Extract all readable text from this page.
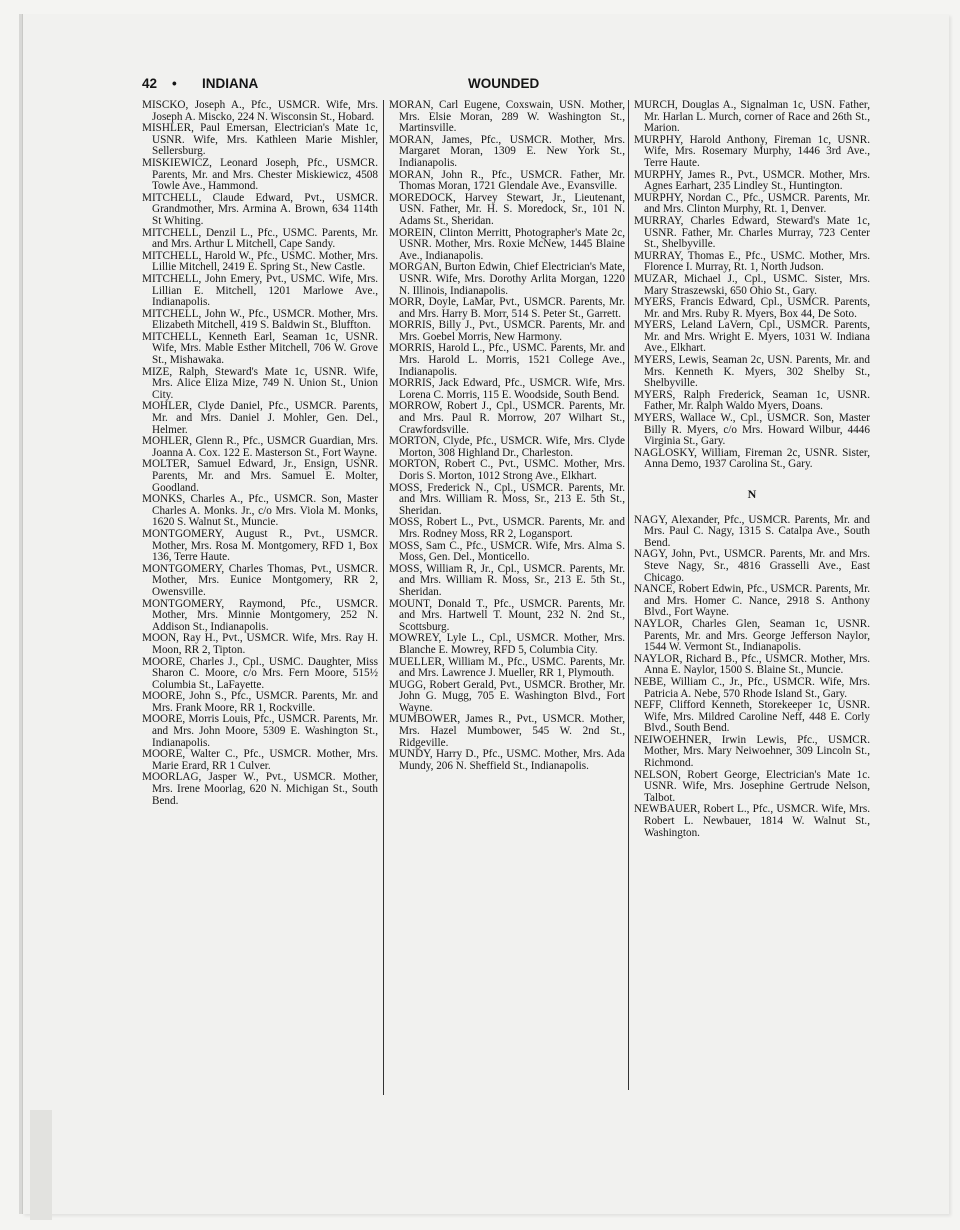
42 • INDIANA	WOUNDED

MISCKO, Joseph A., Pfc., USMCR. Wife, Mrs. Joseph A. Miscko, 224 N. Wisconsin St., Hobard.

MISHLER, Paul Emersan, Electrician's Mate 1c, USNR. Wife, Mrs. Kathleen Marie Mishler, Sellersburg.

MISKIEWICZ, Leonard Joseph, Pfc., USMCR. Parents, Mr. and Mrs. Chester Miskiewicz, 4508 Towle Ave., Hammond.

MITCHELL, Claude Edward, Pvt., USMCR. Grandmother, Mrs. Armina A. Brown, 634 114th St Whiting.

MITCHELL, Denzil L., Pfc., USMC. Parents, Mr. and Mrs. Arthur L Mitchell, Cape Sandy.

MITCHELL, Harold W., Pfc., USMC. Mother, Mrs. Lillie Mitchell, 2419 E. Spring St., New Castle.

MITCHELL, John Emery, Pvt., USMC. Wife, Mrs. Lillian E. Mitchell, 1201 Marlowe Ave., Indianapolis.

MITCHELL, John W., Pfc., USMCR. Mother, Mrs. Elizabeth Mitchell, 419 S. Baldwin St., Bluffton.

MITCHELL, Kenneth Earl, Seaman 1c, USNR. Wife, Mrs. Mable Esther Mitchell, 706 W. Grove St., Mishawaka.

MIZE, Ralph, Steward's Mate 1c, USNR. Wife, Mrs. Alice Eliza Mize, 749 N. Union St., Union City.

MOHLER, Clyde Daniel, Pfc., USMCR. Parents, Mr. and Mrs. Daniel J. Mohler, Gen. Del., Helmer.

MOHLER, Glenn R., Pfc., USMCR Guardian, Mrs. Joanna A. Cox. 122 E. Masterson St., Fort Wayne.

MOLTER, Samuel Edward, Jr., Ensign, USNR. Parents, Mr. and Mrs. Samuel E. Molter, Goodland.

MONKS, Charles A., Pfc., USMCR. Son, Master Charles A. Monks. Jr., c/o Mrs. Viola M. Monks, 1620 S. Walnut St., Muncie.

MONTGOMERY, August R., Pvt., USMCR. Mother, Mrs. Rosa M. Montgomery, RFD 1, Box 136, Terre Haute.

MONTGOMERY, Charles Thomas, Pvt., USMCR. Mother, Mrs. Eunice Montgomery, RR 2, Owensville.

MONTGOMERY, Raymond, Pfc., USMCR. Mother, Mrs. Minnie Montgomery, 252 N. Addison St., Indianapolis.

MOON, Ray H., Pvt., USMCR. Wife, Mrs. Ray H. Moon, RR 2, Tipton.

MOORE, Charles J., Cpl., USMC. Daughter, Miss Sharon C. Moore, c/o Mrs. Fern Moore, 515½ Columbia St., LaFayette.

MOORE, John S., Pfc., USMCR. Parents, Mr. and Mrs. Frank Moore, RR 1, Rockville.

MOORE, Morris Louis, Pfc., USMCR. Parents, Mr. and Mrs. John Moore, 5309 E. Washington St., Indianapolis.

MOORE, Walter C., Pfc., USMCR. Mother, Mrs. Marie Erard, RR 1 Culver.

MOORLAG, Jasper W., Pvt., USMCR. Mother, Mrs. Irene Moorlag, 620 N. Michigan St., South Bend.

MORAN, Carl Eugene, Coxswain, USN. Mother, Mrs. Elsie Moran, 289 W. Washington St., Martinsville.

MORAN, James, Pfc., USMCR. Mother, Mrs. Margaret Moran, 1309 E. New York St., Indianapolis.

MORAN, John R., Pfc., USMCR. Father, Mr. Thomas Moran, 1721 Glendale Ave., Evansville.

MOREDOCK, Harvey Stewart, Jr., Lieutenant, USN. Father, Mr. H. S. Moredock, Sr., 101 N. Adams St., Sheridan.

MOREIN, Clinton Merritt, Photographer's Mate 2c, USNR. Mother, Mrs. Roxie McNew, 1445 Blaine Ave., Indianapolis.

MORGAN, Burton Edwin, Chief Electrician's Mate, USNR. Wife, Mrs. Dorothy Arlita Morgan, 1220 N. Illinois, Indianapolis.

MORR, Doyle, LaMar, Pvt., USMCR. Parents, Mr. and Mrs. Harry B. Morr, 514 S. Peter St., Garrett.

MORRIS, Billy J., Pvt., USMCR. Parents, Mr. and Mrs. Goebel Morris, New Harmony.

MORRIS, Harold L., Pfc., USMC. Parents, Mr. and Mrs. Harold L. Morris, 1521 College Ave., Indianapolis.

MORRIS, Jack Edward, Pfc., USMCR. Wife, Mrs. Lorena C. Morris, 115 E. Woodside, South Bend.

MORROW, Robert J., Cpl., USMCR. Parents, Mr. and Mrs. Paul R. Morrow, 207 Wilhart St., Crawfordsville.

MORTON, Clyde, Pfc., USMCR. Wife, Mrs. Clyde Morton, 308 Highland Dr., Charleston.

MORTON, Robert C., Pvt., USMC. Mother, Mrs. Doris S. Morton, 1012 Strong Ave., Elkhart.

MOSS, Frederick N., Cpl., USMCR. Parents, Mr. and Mrs. William R. Moss, Sr., 213 E. 5th St., Sheridan.

MOSS, Robert L., Pvt., USMCR. Parents, Mr. and Mrs. Rodney Moss, RR 2, Logansport.

MOSS, Sam C., Pfc., USMCR. Wife, Mrs. Alma S. Moss, Gen. Del., Monticello.

MOSS, William R, Jr., Cpl., USMCR. Parents, Mr. and Mrs. William R. Moss, Sr., 213 E. 5th St., Sheridan.

MOUNT, Donald T., Pfc., USMCR. Parents, Mr. and Mrs. Hartwell T. Mount, 232 N. 2nd St., Scottsburg.

MOWREY, Lyle L., Cpl., USMCR. Mother, Mrs. Blanche E. Mowrey, RFD 5, Columbia City.

MUELLER, William M., Pfc., USMC. Parents, Mr. and Mrs. Lawrence J. Mueller, RR 1, Plymouth.

MUGG, Robert Gerald, Pvt., USMCR. Brother, Mr. John G. Mugg, 705 E. Washington Blvd., Fort Wayne.

MUMBOWER, James R., Pvt., USMCR. Mother, Mrs. Hazel Mumbower, 545 W. 2nd St., Ridgeville.

MUNDY, Harry D., Pfc., USMC. Mother, Mrs. Ada Mundy, 206 N. Sheffield St., Indianapolis.

MURCH, Douglas A., Signalman 1c, USN. Father, Mr. Harlan L. Murch, corner of Race and 26th St., Marion.

MURPHY, Harold Anthony, Fireman 1c, USNR. Wife, Mrs. Rosemary Murphy, 1446 3rd Ave., Terre Haute.

MURPHY, James R., Pvt., USMCR. Mother, Mrs. Agnes Earhart, 235 Lindley St., Huntington.

MURPHY, Nordan C., Pfc., USMCR. Parents, Mr. and Mrs. Clinton Murphy, Rt. 1, Denver.

MURRAY, Charles Edward, Steward's Mate 1c, USNR. Father, Mr. Charles Murray, 723 Center St., Shelbyville.

MURRAY, Thomas E., Pfc., USMC. Mother, Mrs. Florence I. Murray, Rt. 1, North Judson.

MUZAR, Michael J., Cpl., USMC. Sister, Mrs. Mary Straszewski, 650 Ohio St., Gary.

MYERS, Francis Edward, Cpl., USMCR. Parents, Mr. and Mrs. Ruby R. Myers, Box 44, De Soto.

MYERS, Leland LaVern, Cpl., USMCR. Parents, Mr. and Mrs. Wright E. Myers, 1031 W. Indiana Ave., Elkhart.

MYERS, Lewis, Seaman 2c, USN. Parents, Mr. and Mrs. Kenneth K. Myers, 302 Shelby St., Shelbyville.

MYERS, Ralph Frederick, Seaman 1c, USNR. Father, Mr. Ralph Waldo Myers, Doans.

MYERS, Wallace W., Cpl., USMCR. Son, Master Billy R. Myers, c/o Mrs. Howard Wilbur, 4446 Virginia St., Gary.

NAGLOSKY, William, Fireman 2c, USNR. Sister, Anna Demo, 1937 Carolina St., Gary.

N

NAGY, Alexander, Pfc., USMCR. Parents, Mr. and Mrs. Paul C. Nagy, 1315 S. Catalpa Ave., South Bend.

NAGY, John, Pvt., USMCR. Parents, Mr. and Mrs. Steve Nagy, Sr., 4816 Grasselli Ave., East Chicago.

NANCE, Robert Edwin, Pfc., USMCR. Parents, Mr. and Mrs. Homer C. Nance, 2918 S. Anthony Blvd., Fort Wayne.

NAYLOR, Charles Glen, Seaman 1c, USNR. Parents, Mr. and Mrs. George Jefferson Naylor, 1544 W. Vermont St., Indianapolis.

NAYLOR, Richard B., Pfc., USMCR. Mother, Mrs. Anna E. Naylor, 1500 S. Blaine St., Muncie.

NEBE, William C., Jr., Pfc., USMCR. Wife, Mrs. Patricia A. Nebe, 570 Rhode Island St., Gary.

NEFF, Clifford Kenneth, Storekeeper 1c, USNR. Wife, Mrs. Mildred Caroline Neff, 448 E. Corly Blvd., South Bend.

NEIWOEHNER, Irwin Lewis, Pfc., USMCR. Mother, Mrs. Mary Neiwoehner, 309 Lincoln St., Richmond.

NELSON, Robert George, Electrician's Mate 1c. USNR. Wife, Mrs. Josephine Gertrude Nelson, Talbot.

NEWBAUER, Robert L., Pfc., USMCR. Wife, Mrs. Robert L. Newbauer, 1814 W. Walnut St., Washington.
